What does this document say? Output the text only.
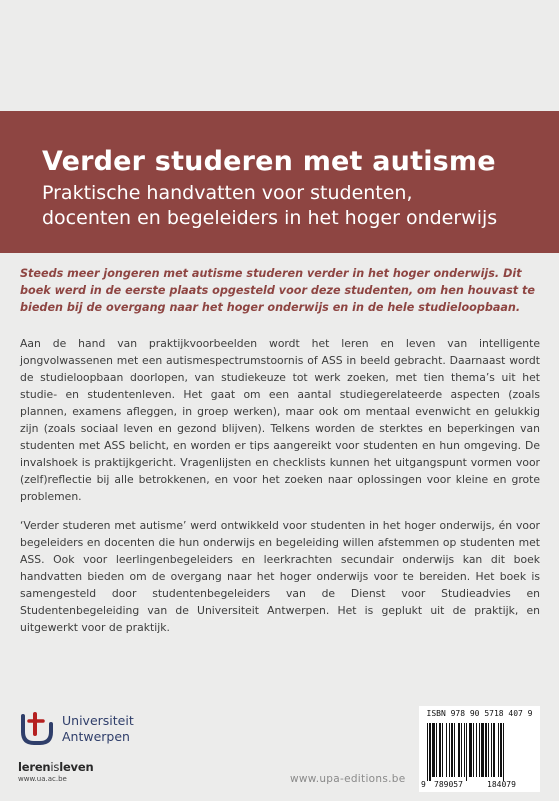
Verder studeren met autisme
Praktische handvatten voor studenten,
docenten en begeleiders in het hoger onderwijs

Steeds meer jongeren met autisme studeren verder in het hoger onderwijs. Dit boek werd in de eerste plaats opgesteld voor deze studenten, om hen houvast te bieden bij de overgang naar het hoger onderwijs en in de hele studieloopbaan.

Aan de hand van praktijkvoorbeelden wordt het leren en leven van intelligente jongvolwassenen met een autismespectrumstoornis of ASS in beeld gebracht. Daarnaast wordt de studieloopbaan doorlopen, van studiekeuze tot werk zoeken, met tien thema’s uit het studie- en studentenleven. Het gaat om een aantal studiegerelateerde aspecten (zoals plannen, examens afleggen, in groep werken), maar ook om mentaal evenwicht en gelukkig zijn (zoals sociaal leven en gezond blijven). Telkens worden de sterktes en beperkingen van studenten met ASS belicht, en worden er tips aangereikt voor studenten en hun omgeving. De invalshoek is praktijkgericht. Vragenlijsten en checklists kunnen het uitgangspunt vormen voor (zelf)reflectie bij alle betrokkenen, en voor het zoeken naar oplossingen voor kleine en grote problemen.

‘Verder studeren met autisme’ werd ontwikkeld voor studenten in het hoger onderwijs, én voor begeleiders en docenten die hun onderwijs en begeleiding willen afstemmen op studenten met ASS. Ook voor leerlingenbegeleiders en leerkrachten secundair onderwijs kan dit boek handvatten bieden om de overgang naar het hoger onderwijs voor te bereiden. Het boek is samengesteld door studentenbegeleiders van de Dienst voor Studieadvies en Studentenbegeleiding van de Universiteit Antwerpen. Het is geplukt uit de praktijk, en uitgewerkt voor de praktijk.

Universiteit
Antwerpen
lerenisleven
www.ua.ac.be	www.upa-editions.be
ISBN 978 90 5718 407 9
9 789057	184079
